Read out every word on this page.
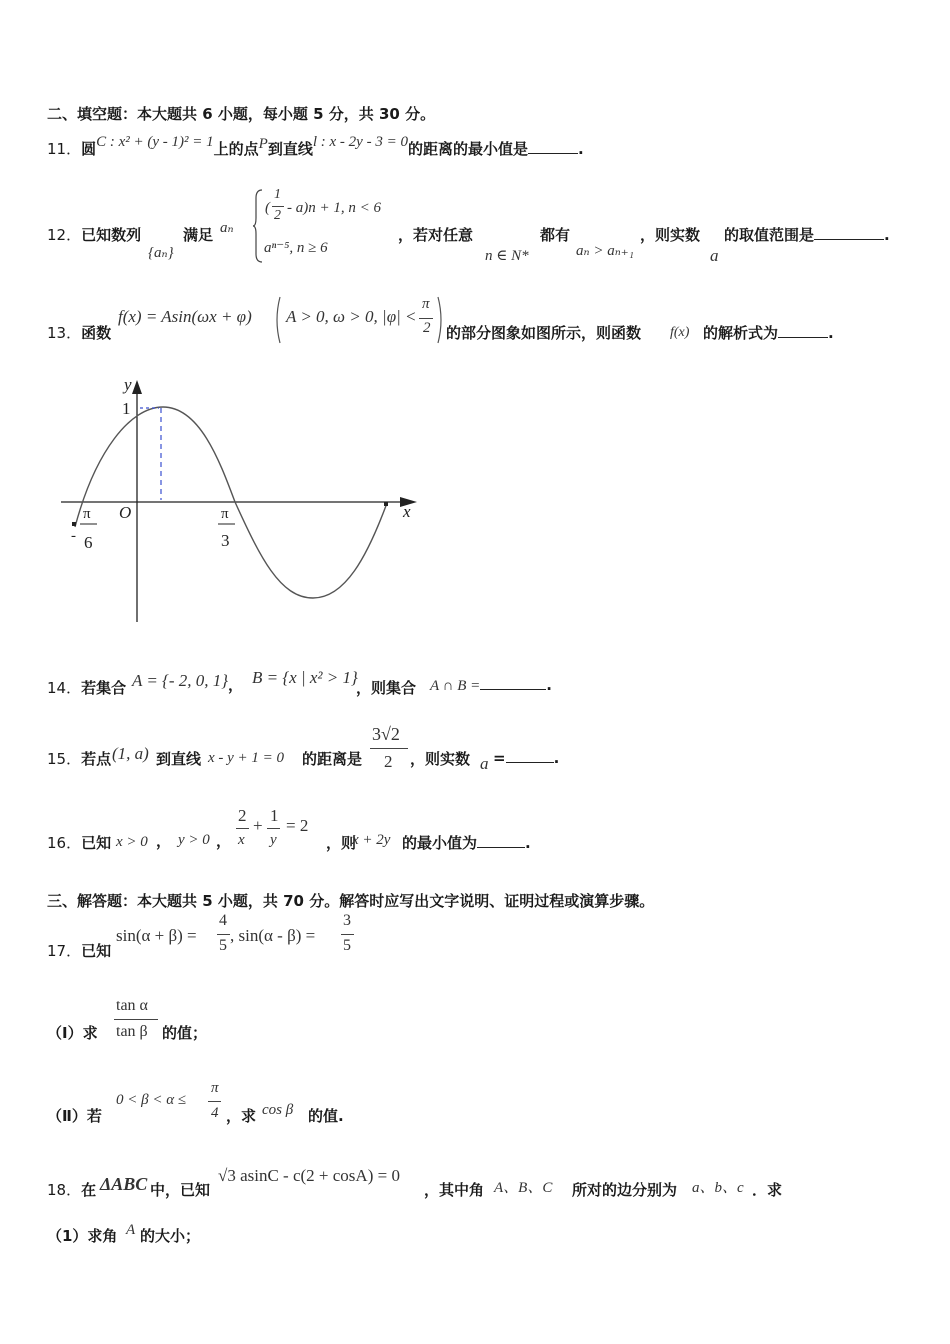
二、填空题：本大题共 6 小题，每小题 5 分，共 30 分。
11．圆C : x² + (y - 1)² = 1上的点P到直线l : x - 2y - 3 = 0的距离的最小值是	.
12．已知数列
{aₙ}
满足 aₙ
(
1
2 - a)n + 1, n < 6
aⁿ⁻⁵, n ≥ 6
，若对任意
n ∈ N*
都有
aₙ > aₙ₊₁
，则实数
a
的取值范围是	.
13．函数
f(x) = Asin(ωx + φ) A > 0, ω > 0, |φ| <
π
2 的部分图象如图所示，则函数 f(x) 的解析式为	.
y
x
O
1
-
π
6
π
3
14．若集合 A = {- 2, 0, 1} ， B = {x | x² > 1}
，则集合 A ∩ B =	.
15．若点 (1, a) 到直线 x - y + 1 = 0 的距离是
3√2
2 ，则实数 a =	.
16．已知 x > 0 ， y > 0 ，
2
x
+
1
y
= 2
，则
x + 2y 的最小值为	.
三、解答题：本大题共 5 小题，共 70 分。解答时应写出文字说明、证明过程或演算步骤。
17．已知
sin(α + β) =
4
5
, sin(α - β) =
3
5
（Ⅰ）求
tan α
tan β 的值；
（Ⅱ）若
0 < β < α ≤
π
4 ，求 cos β 的值.
18．在 ΔABC 中，已知
√3 asinC - c(2 + cosA) = 0
，其中角 A、B、C 所对的边分别为 a、b、c ．求
（1）求角 A 的大小；
